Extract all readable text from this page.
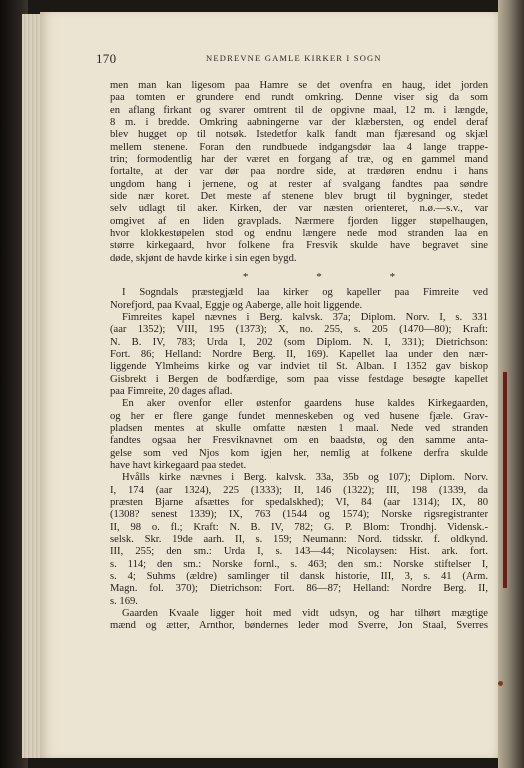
170	NEDREVNE GAMLE KIRKER I SOGN
men man kan ligesom paa Hamre se det ovenfra en haug, idet jorden
paa tomten er grundere end rundt omkring. Denne viser sig da som
en aflang firkant og svarer omtrent til de opgivne maal, 12 m. i længde,
8 m. i bredde. Omkring aabningerne var der klæbersten, og endel deraf
blev hugget op til notsøk. Istedetfor kalk fandt man fjæresand og skjæl
mellem stenene. Foran den rundbuede indgangsdør laa 4 lange trappe-
trin; formodentlig har der været en forgang af træ, og en gammel mand
fortalte, at der var dør paa nordre side, at trædøren endnu i hans
ungdom hang i jernene, og at rester af svalgang fandtes paa søndre
side nær koret. Det meste af stenene blev brugt til bygninger, stedet
selv udlagt til aker. Kirken, der var næsten orienteret, n.ø.—s.v., var
omgivet af en liden gravplads. Nærmere fjorden ligger støpelhaugen,
hvor klokkestøpelen stod og endnu længere nede mod stranden laa en
større kirkegaard, hvor folkene fra Fresvik skulde have begravet sine
døde, skjønt de havde kirke i sin egen bygd.
*	*	*
I Sogndals præstegjæld laa kirker og kapeller paa Fimreite ved
Norefjord, paa Kvaal, Eggje og Aaberge, alle hoit liggende.
Fimreites kapel nævnes i Berg. kalvsk. 37a; Diplom. Norv. I, s. 331
(aar 1352); VIII, 195 (1373); X, no. 255, s. 205 (1470—80); Kraft:
N. B. IV, 783; Urda I, 202 (som Diplom. N. I, 331); Dietrichson:
Fort. 86; Helland: Nordre Berg. II, 169). Kapellet laa under den nær-
liggende Ylmheims kirke og var indviet til St. Alban. I 1352 gav biskop
Gisbrekt i Bergen de bodfærdige, som paa visse festdage besøgte kapellet
paa Fimreite, 20 dages aflad.
En aker ovenfor eller østenfor gaardens huse kaldes Kirkegaarden,
og her er flere gange fundet menneskeben og ved husene fjæle. Grav-
pladsen mentes at skulle omfatte næsten 1 maal. Nede ved stranden
fandtes ogsaa her Fresviknavnet om en baadstø, og den samme anta-
gelse som ved Njos kom igjen her, nemlig at folkene derfra skulde
have havt kirkegaard paa stedet.
Hvålls kirke nævnes i Berg. kalvsk. 33a, 35b og 107); Diplom. Norv.
I, 174 (aar 1324), 225 (1333); II, 146 (1322); III, 198 (1339, da
præsten Bjarne afsættes for spedalskhed); VI, 84 (aar 1314); IX, 80
(1308? senest 1339); IX, 763 (1544 og 1574); Norske rigsregistranter
II, 98 o. fl.; Kraft: N. B. IV, 782; G. P. Blom: Trondhj. Vidensk.-
selsk. Skr. 19de aarh. II, s. 159; Neumann: Nord. tidsskr. f. oldkynd.
III, 255; den sm.: Urda I, s. 143—44; Nicolaysen: Hist. ark. fort.
s. 114; den sm.: Norske fornl., s. 463; den sm.: Norske stiftelser I,
s. 4; Suhms (ældre) samlinger til dansk historie, III, 3, s. 41 (Arm.
Magn. fol. 370); Dietrichson: Fort. 86—87; Helland: Nordre Berg. II,
s. 169.
Gaarden Kvaale ligger hoit med vidt udsyn, og har tilhørt mægtige
mænd og ætter, Arnthor, bøndernes leder mod Sverre, Jon Staal, Sverres
